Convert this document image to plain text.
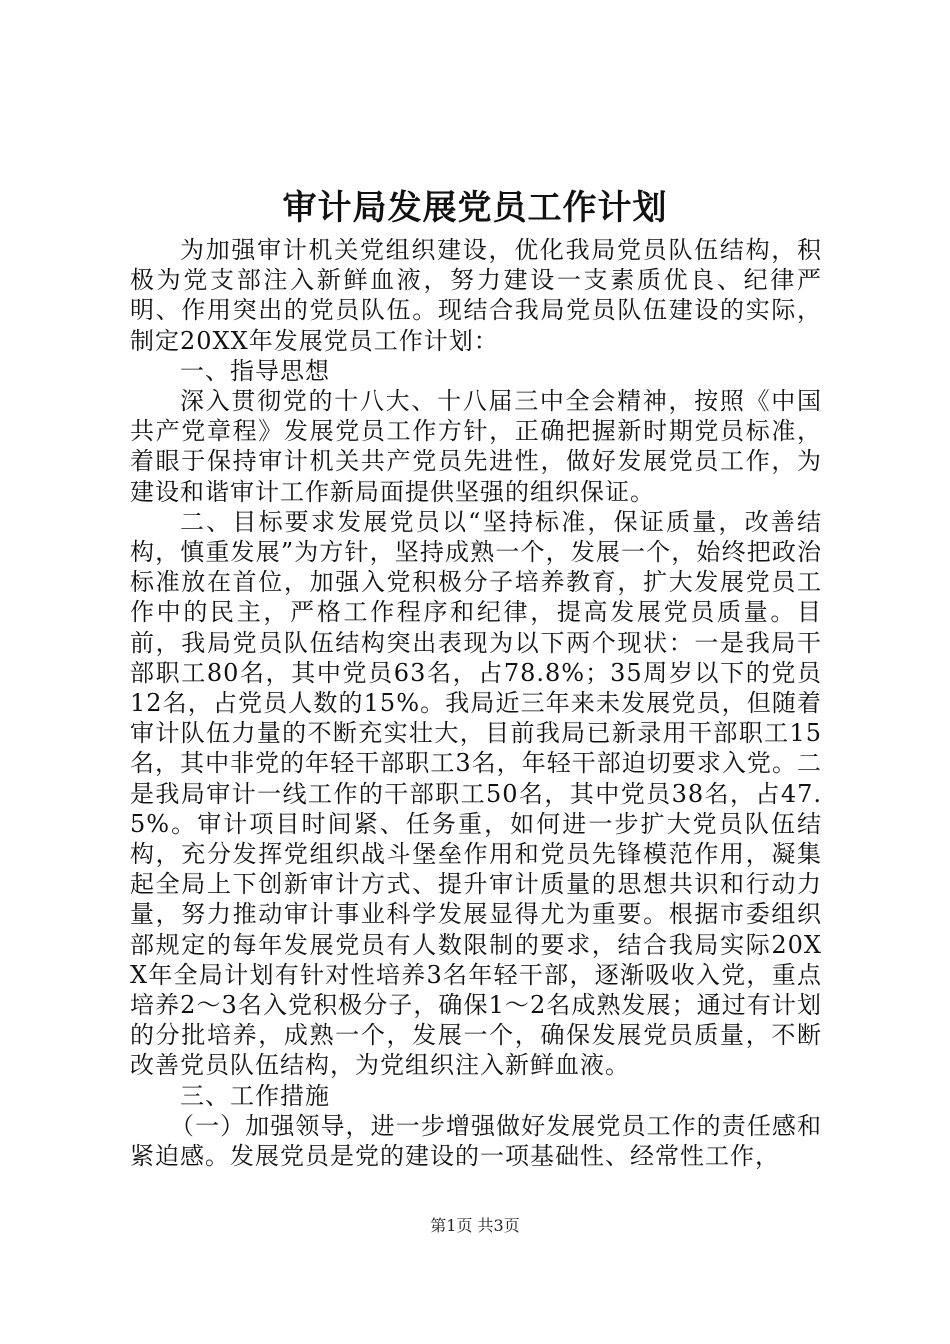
审计局发展党员工作计划

为加强审计机关党组织建设，优化我局党员队伍结构，积极为党支部注入新鲜血液，努力建设一支素质优良、纪律严明、作用突出的党员队伍。现结合我局党员队伍建设的实际，制定20XX年发展党员工作计划：

一、指导思想

深入贯彻党的十八大、十八届三中全会精神，按照《中国共产党章程》发展党员工作方针，正确把握新时期党员标准，着眼于保持审计机关共产党员先进性，做好发展党员工作，为建设和谐审计工作新局面提供坚强的组织保证。

二、目标要求发展党员以“坚持标准，保证质量，改善结构，慎重发展”为方针，坚持成熟一个，发展一个，始终把政治标准放在首位，加强入党积极分子培养教育，扩大发展党员工作中的民主，严格工作程序和纪律，提高发展党员质量。目前，我局党员队伍结构突出表现为以下两个现状：一是我局干部职工80名，其中党员63名，占78.8%；35周岁以下的党员12名，占党员人数的15%。我局近三年来未发展党员，但随着审计队伍力量的不断充实壮大，目前我局已新录用干部职工15名，其中非党的年轻干部职工3名，年轻干部迫切要求入党。二是我局审计一线工作的干部职工50名，其中党员38名，占47.5%。审计项目时间紧、任务重，如何进一步扩大党员队伍结构，充分发挥党组织战斗堡垒作用和党员先锋模范作用，凝集起全局上下创新审计方式、提升审计质量的思想共识和行动力量，努力推动审计事业科学发展显得尤为重要。根据市委组织部规定的每年发展党员有人数限制的要求，结合我局实际20XX年全局计划有针对性培养3名年轻干部，逐渐吸收入党，重点培养2～3名入党积极分子，确保1～2名成熟发展；通过有计划的分批培养，成熟一个，发展一个，确保发展党员质量，不断改善党员队伍结构，为党组织注入新鲜血液。

三、工作措施

（一）加强领导，进一步增强做好发展党员工作的责任感和紧迫感。发展党员是党的建设的一项基础性、经常性工作，

第1页 共3页
